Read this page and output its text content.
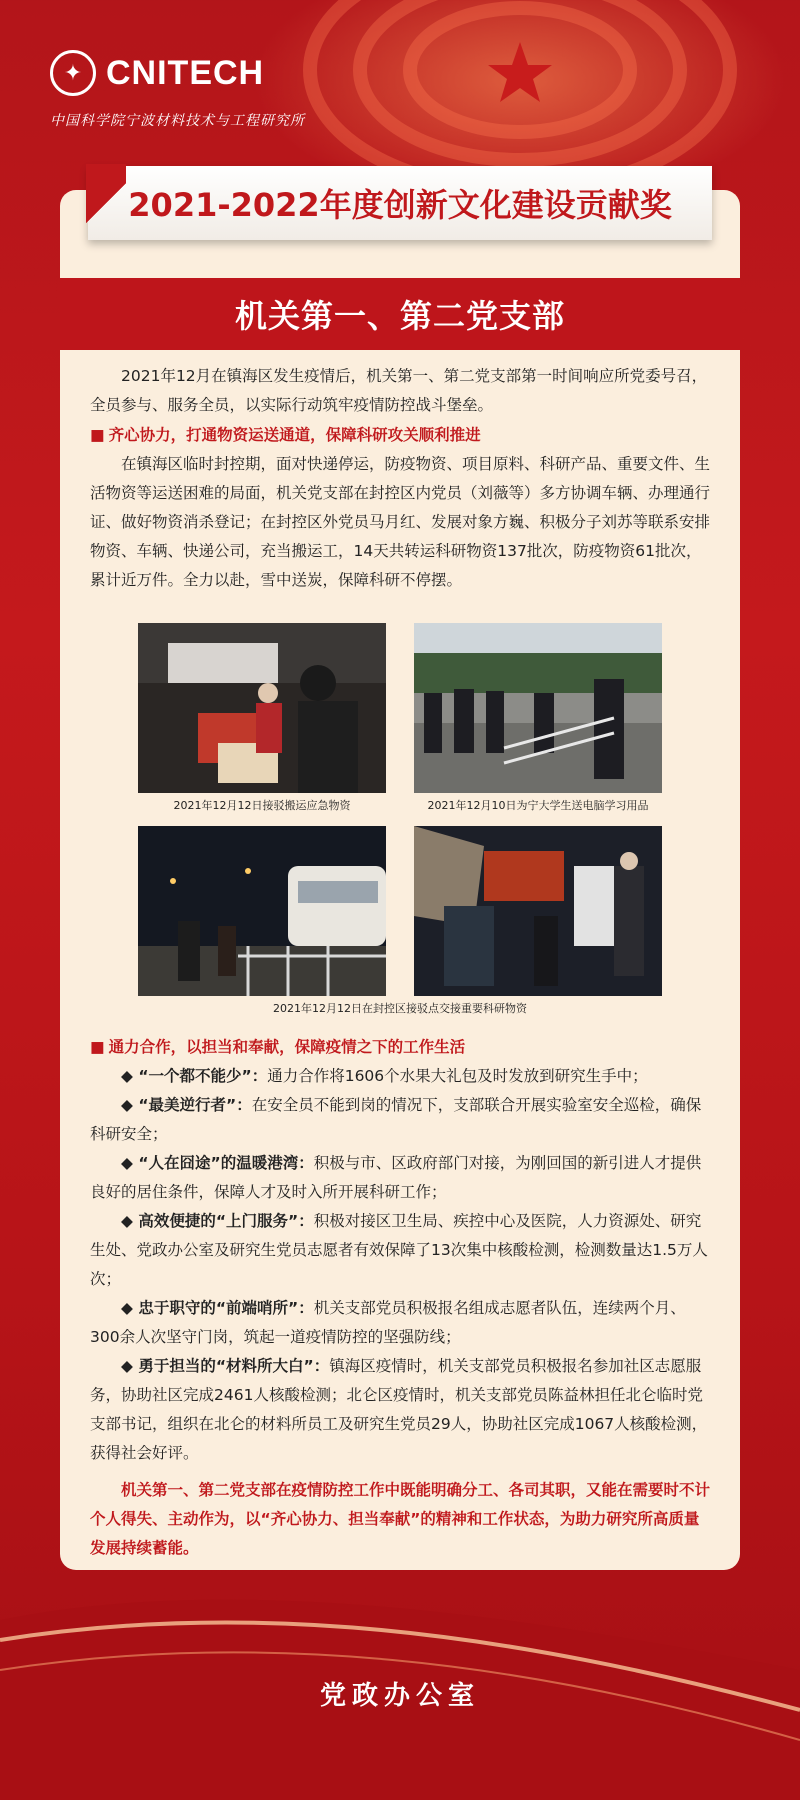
✦ CNITECH
中国科学院宁波材料技术与工程研究所
2021-2022年度创新文化建设贡献奖
机关第一、第二党支部

2021年12月在镇海区发生疫情后，机关第一、第二党支部第一时间响应所党委号召，全员参与、服务全员，以实际行动筑牢疫情防控战斗堡垒。

■ 齐心协力，打通物资运送通道，保障科研攻关顺利推进

在镇海区临时封控期，面对快递停运，防疫物资、项目原料、科研产品、重要文件、生活物资等运送困难的局面，机关党支部在封控区内党员（刘薇等）多方协调车辆、办理通行证、做好物资消杀登记；在封控区外党员马月红、发展对象方巍、积极分子刘苏等联系安排物资、车辆、快递公司，充当搬运工，14天共转运科研物资137批次，防疫物资61批次，累计近万件。全力以赴，雪中送炭，保障科研不停摆。

2021年12月12日接驳搬运应急物资	2021年12月10日为宁大学生送电脑学习用品
2021年12月12日在封控区接驳点交接重要科研物资
■ 通力合作，以担当和奉献，保障疫情之下的工作生活

◆ “一个都不能少”：通力合作将1606个水果大礼包及时发放到研究生手中；

◆ “最美逆行者”：在安全员不能到岗的情况下，支部联合开展实验室安全巡检，确保科研安全；

◆ “人在囧途”的温暖港湾：积极与市、区政府部门对接，为刚回国的新引进人才提供良好的居住条件，保障人才及时入所开展科研工作；

◆ 高效便捷的“上门服务”：积极对接区卫生局、疾控中心及医院，人力资源处、研究生处、党政办公室及研究生党员志愿者有效保障了13次集中核酸检测，检测数量达1.5万人次；

◆ 忠于职守的“前端哨所”：机关支部党员积极报名组成志愿者队伍，连续两个月、300余人次坚守门岗，筑起一道疫情防控的坚强防线；

◆ 勇于担当的“材料所大白”：镇海区疫情时，机关支部党员积极报名参加社区志愿服务，协助社区完成2461人核酸检测；北仑区疫情时，机关支部党员陈益林担任北仑临时党支部书记，组织在北仑的材料所员工及研究生党员29人，协助社区完成1067人核酸检测，获得社会好评。

机关第一、第二党支部在疫情防控工作中既能明确分工、各司其职，又能在需要时不计个人得失、主动作为，以“齐心协力、担当奉献”的精神和工作状态，为助力研究所高质量发展持续蓄能。

党政办公室
